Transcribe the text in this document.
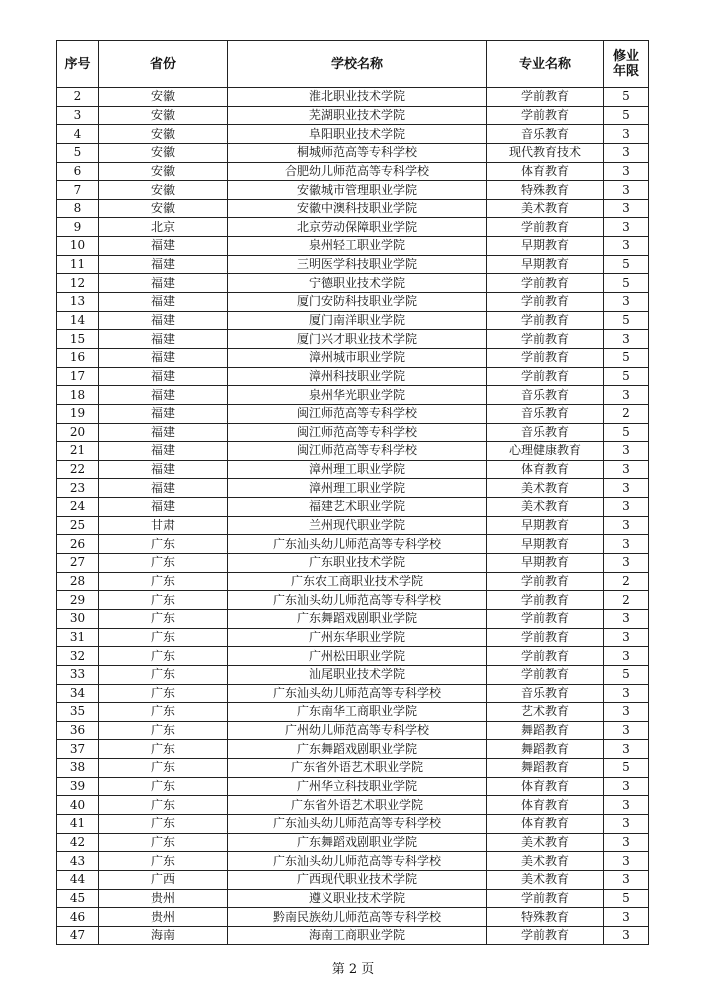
序号	省份	学校名称	专业名称	修业
年限

2	安徽	淮北职业技术学院	学前教育	5
3	安徽	芜湖职业技术学院	学前教育	5
4	安徽	阜阳职业技术学院	音乐教育	3
5	安徽	桐城师范高等专科学校	现代教育技术	3
6	安徽	合肥幼儿师范高等专科学校	体育教育	3
7	安徽	安徽城市管理职业学院	特殊教育	3
8	安徽	安徽中澳科技职业学院	美术教育	3
9	北京	北京劳动保障职业学院	学前教育	3
10	福建	泉州轻工职业学院	早期教育	3
11	福建	三明医学科技职业学院	早期教育	5
12	福建	宁德职业技术学院	学前教育	5
13	福建	厦门安防科技职业学院	学前教育	3
14	福建	厦门南洋职业学院	学前教育	5
15	福建	厦门兴才职业技术学院	学前教育	3
16	福建	漳州城市职业学院	学前教育	5
17	福建	漳州科技职业学院	学前教育	5
18	福建	泉州华光职业学院	音乐教育	3
19	福建	闽江师范高等专科学校	音乐教育	2
20	福建	闽江师范高等专科学校	音乐教育	5
21	福建	闽江师范高等专科学校	心理健康教育	3
22	福建	漳州理工职业学院	体育教育	3
23	福建	漳州理工职业学院	美术教育	3
24	福建	福建艺术职业学院	美术教育	3
25	甘肃	兰州现代职业学院	早期教育	3
26	广东	广东汕头幼儿师范高等专科学校	早期教育	3
27	广东	广东职业技术学院	早期教育	3
28	广东	广东农工商职业技术学院	学前教育	2
29	广东	广东汕头幼儿师范高等专科学校	学前教育	2
30	广东	广东舞蹈戏剧职业学院	学前教育	3
31	广东	广州东华职业学院	学前教育	3
32	广东	广州松田职业学院	学前教育	3
33	广东	汕尾职业技术学院	学前教育	5
34	广东	广东汕头幼儿师范高等专科学校	音乐教育	3
35	广东	广东南华工商职业学院	艺术教育	3
36	广东	广州幼儿师范高等专科学校	舞蹈教育	3
37	广东	广东舞蹈戏剧职业学院	舞蹈教育	3
38	广东	广东省外语艺术职业学院	舞蹈教育	5
39	广东	广州华立科技职业学院	体育教育	3
40	广东	广东省外语艺术职业学院	体育教育	3
41	广东	广东汕头幼儿师范高等专科学校	体育教育	3
42	广东	广东舞蹈戏剧职业学院	美术教育	3
43	广东	广东汕头幼儿师范高等专科学校	美术教育	3
44	广西	广西现代职业技术学院	美术教育	3
45	贵州	遵义职业技术学院	学前教育	5
46	贵州	黔南民族幼儿师范高等专科学校	特殊教育	3
47	海南	海南工商职业学院	学前教育	3
第 2 页
